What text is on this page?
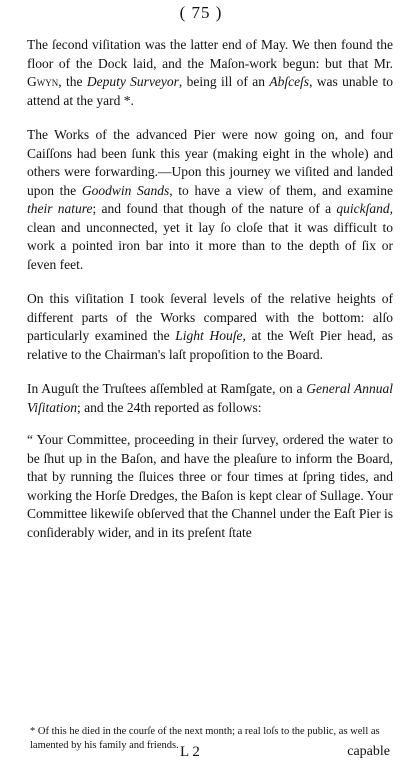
( 75 )

The ſecond viſitation was the latter end of May. We then found the floor of the Dock laid, and the Maſon-work begun: but that Mr. Gwyn, the Deputy Surveyor, being ill of an Abſceſs, was unable to attend at the yard *.

The Works of the advanced Pier were now going on, and four Caiſſons had been ſunk this year (making eight in the whole) and others were forwarding.—Upon this journey we viſited and landed upon the Goodwin Sands, to have a view of them, and examine their nature; and found that though of the nature of a quickſand, clean and unconnected, yet it lay ſo cloſe that it was difficult to work a pointed iron bar into it more than to the depth of ſix or ſeven feet.

On this viſitation I took ſeveral levels of the relative heights of different parts of the Works compared with the bottom: alſo particularly examined the Light Houſe, at the Weſt Pier head, as relative to the Chairman's laſt propoſition to the Board.

In Auguſt the Truſtees aſſembled at Ramſgate, on a General Annual Viſitation; and the 24th reported as follows:

“ Your Committee, proceeding in their ſurvey, ordered the water to be ſhut up in the Baſon, and have the pleaſure to inform the Board, that by running the ſluices three or four times at ſpring tides, and working the Horſe Dredges, the Baſon is kept clear of Sullage. Your Committee likewiſe obſerved that the Channel under the Eaſt Pier is conſiderably wider, and in its preſent ſtate

* Of this he died in the courſe of the next month; a real loſs to the public, as well as lamented by his family and friends. L 2	capable
